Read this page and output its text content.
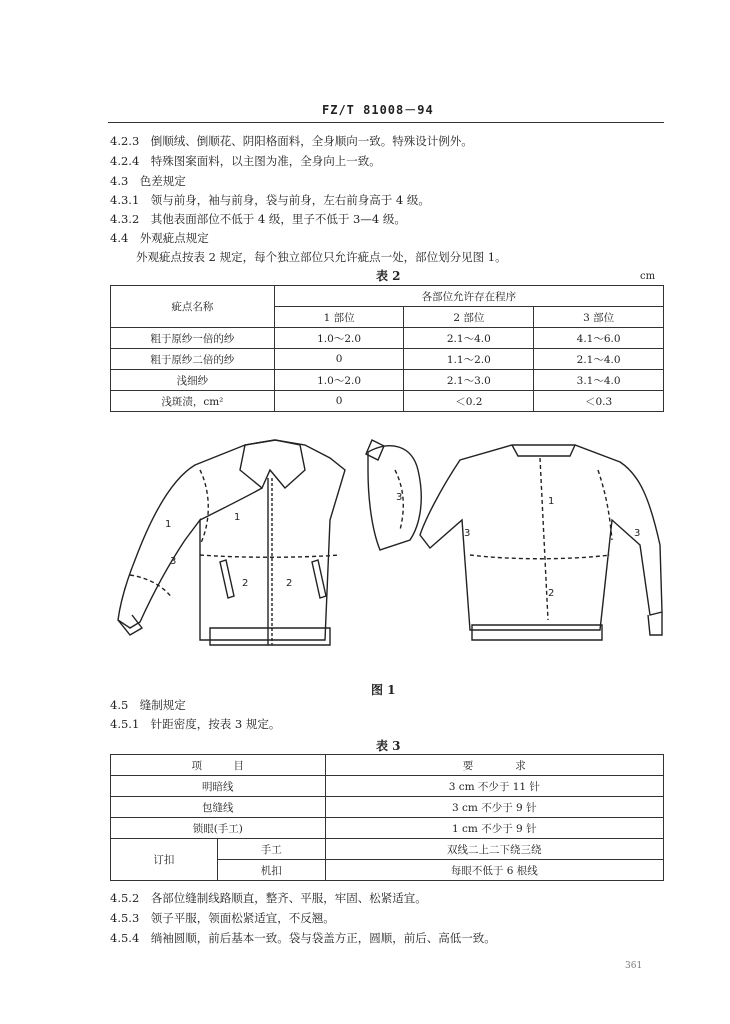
FZ/T 81008－94
4.2.3　倒顺绒、倒顺花、阴阳格面料，全身顺向一致。特殊设计例外。
4.2.4　特殊图案面料，以主图为准，全身向上一致。
4.3　色差规定
4.3.1　领与前身，袖与前身，袋与前身，左右前身高于 4 级。
4.3.2　其他表面部位不低于 4 级，里子不低于 3—4 级。
4.4　外观疵点规定
外观疵点按表 2 规定，每个独立部位只允许疵点一处，部位划分见图 1。
表 2	cm
疵点名称	各部位允许存在程序		
	1 部位	2 部位	3 部位
粗于原纱一倍的纱	1.0～2.0	2.1～4.0	4.1～6.0
粗于原纱二倍的纱	0	1.1～2.0	2.1～4.0
浅细纱	1.0～2.0	2.1～3.0	3.1～4.0
浅斑渍，cm²	0	＜0.2	＜0.3
1
1
2	2
3
3	1
2
3	3
图 1
4.5　缝制规定
4.5.1　针距密度，按表 3 规定。
表 3
项　　　目		要　　　　求
明暗线		3 cm 不少于 11 针
包缝线		3 cm 不少于 9 针
锁眼(手工)		1 cm 不少于 9 针
订扣	手工	双线二上二下绕三绕
	机扣	每眼不低于 6 根线
4.5.2　各部位缝制线路顺直，整齐、平服，牢固、松紧适宜。
4.5.3　领子平服，领面松紧适宜，不反翘。
4.5.4　绱袖圆顺，前后基本一致。袋与袋盖方正，圆顺，前后、高低一致。
361
